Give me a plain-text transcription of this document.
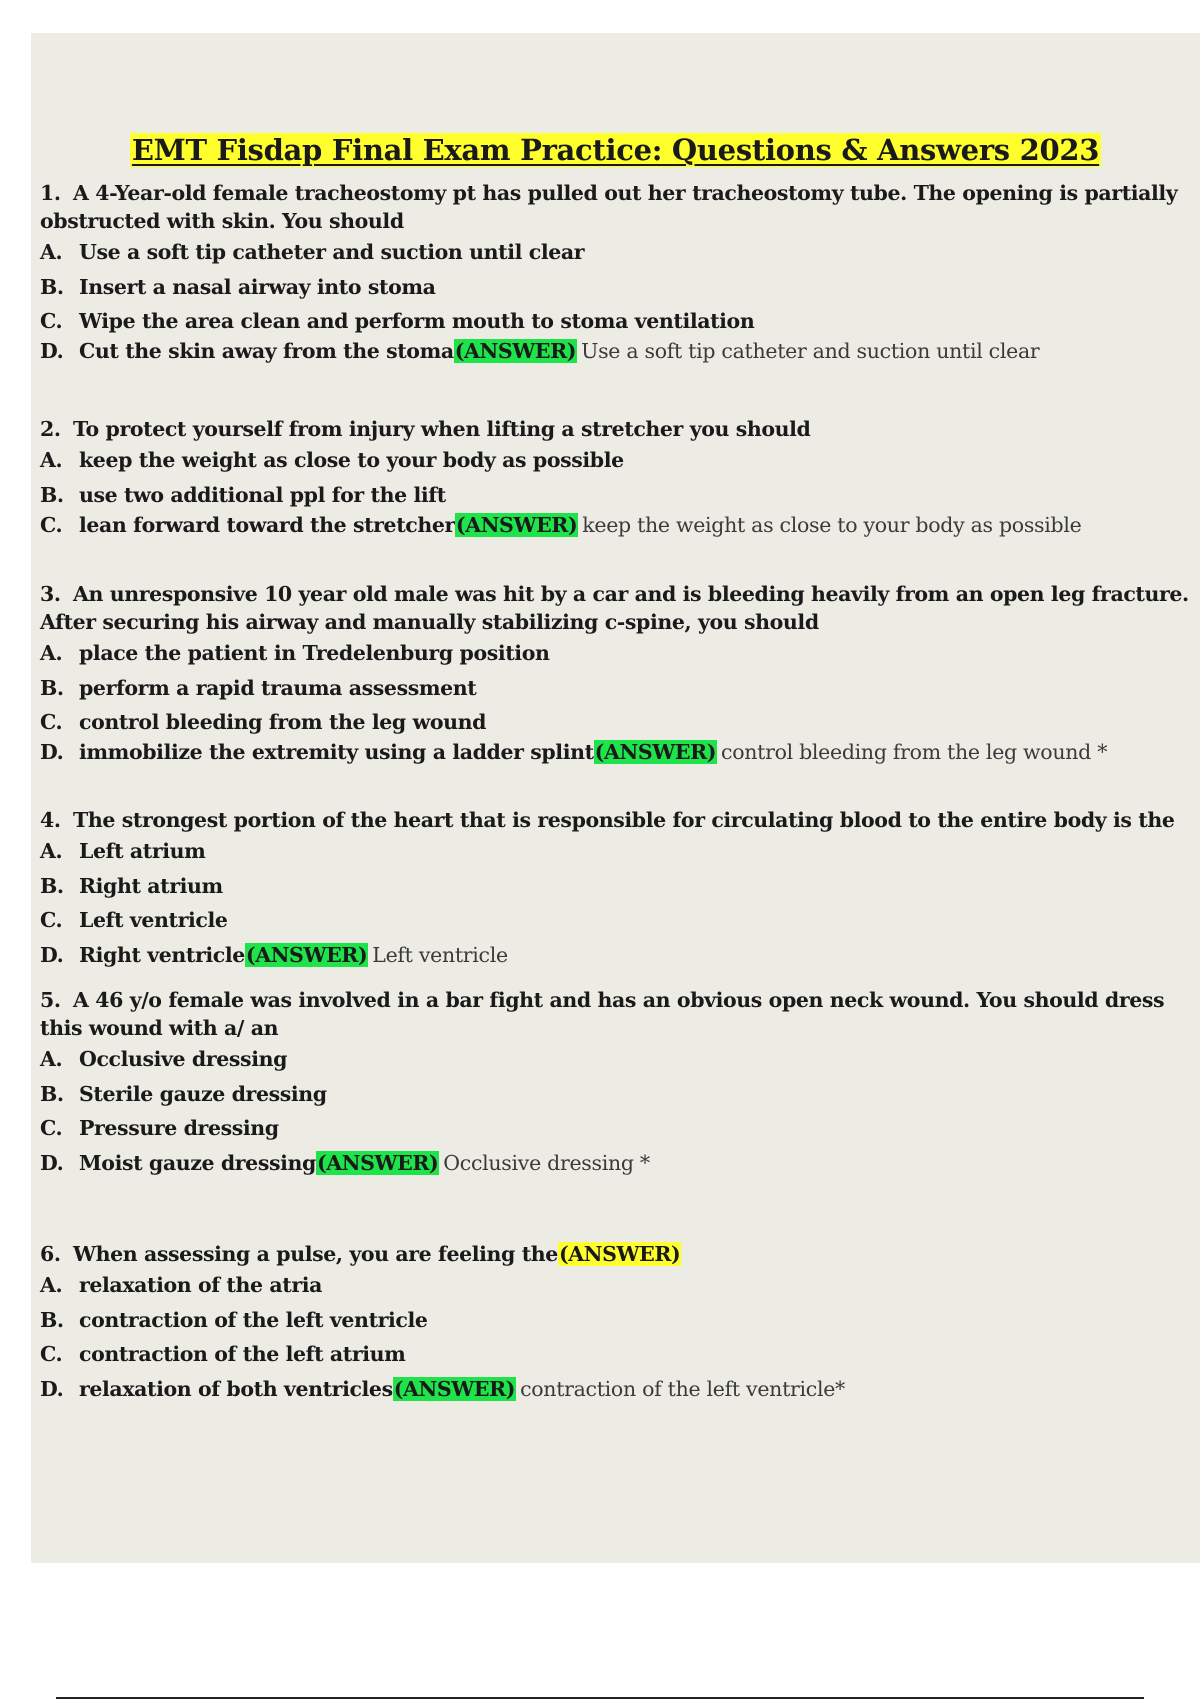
EMT Fisdap Final Exam Practice: Questions & Answers 2023
1. A 4-Year-old female tracheostomy pt has pulled out her tracheostomy tube. The opening is partially obstructed with skin. You should
A. Use a soft tip catheter and suction until clear
B. Insert a nasal airway into stoma
C. Wipe the area clean and perform mouth to stoma ventilation
D. Cut the skin away from the stoma(ANSWER) Use a soft tip catheter and suction until clear
2. To protect yourself from injury when lifting a stretcher you should
A. keep the weight as close to your body as possible
B. use two additional ppl for the lift
C. lean forward toward the stretcher(ANSWER) keep the weight as close to your body as possible
3. An unresponsive 10 year old male was hit by a car and is bleeding heavily from an open leg fracture. After securing his airway and manually stabilizing c-spine, you should
A. place the patient in Tredelenburg position
B. perform a rapid trauma assessment
C. control bleeding from the leg wound
D. immobilize the extremity using a ladder splint(ANSWER) control bleeding from the leg wound *
4. The strongest portion of the heart that is responsible for circulating blood to the entire body is the
A. Left atrium
B. Right atrium
C. Left ventricle
D. Right ventricle(ANSWER) Left ventricle
5. A 46 y/o female was involved in a bar fight and has an obvious open neck wound. You should dress this wound with a/ an
A. Occlusive dressing
B. Sterile gauze dressing
C. Pressure dressing
D. Moist gauze dressing(ANSWER) Occlusive dressing *
6. When assessing a pulse, you are feeling the(ANSWER)
A. relaxation of the atria
B. contraction of the left ventricle
C. contraction of the left atrium
D. relaxation of both ventricles(ANSWER) contraction of the left ventricle*
